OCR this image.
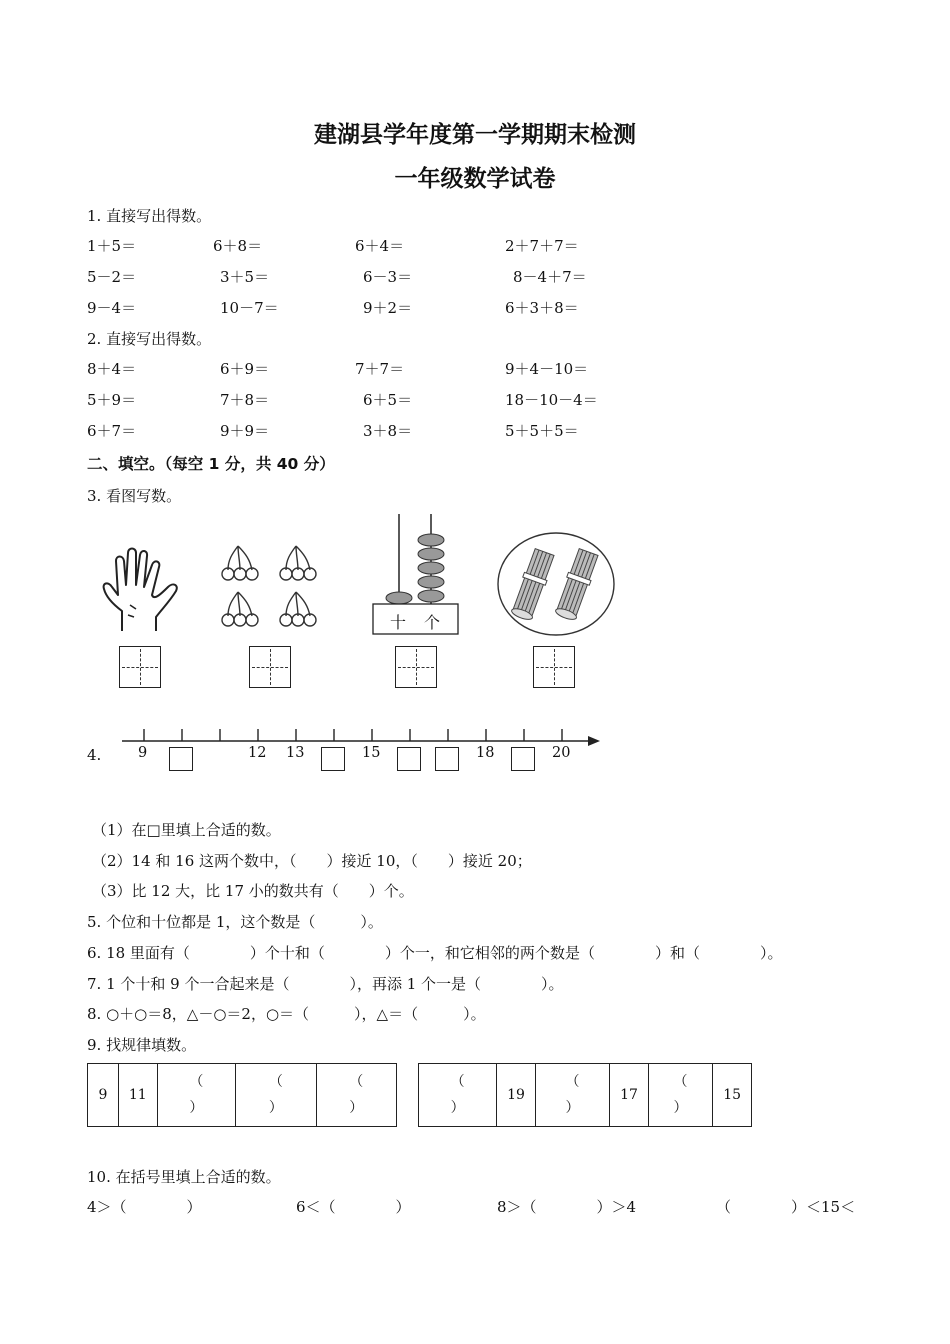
建湖县学年度第一学期期末检测
一年级数学试卷
1. 直接写出得数。
1＋5＝	6＋8＝	6＋4＝	2＋7＋7＝
5－2＝	3＋5＝	6－3＝	8－4＋7＝
9－4＝	10－7＝	9＋2＝	6＋3＋8＝
2. 直接写出得数。
8＋4＝	6＋9＝	7＋7＝	9＋4－10＝
5＋9＝	7＋8＝	6＋5＝	18－10－4＝
6＋7＝	9＋9＝	3＋8＝	5＋5＋5＝
二、填空。（每空 1 分，共 40 分）
3. 看图写数。
十 个
4.	9	12 13	15	18	20
（1）在□里填上合适的数。
（2）14 和 16 这两个数中，（　　）接近 10，（　　）接近 20；
（3）比 12 大，比 17 小的数共有（　　）个。
5. 个位和十位都是 1，这个数是（　　　）。
6. 18 里面有（　　　　）个十和（　　　　）个一，和它相邻的两个数是（　　　　）和（　　　　）。
7. 1 个十和 9 个一合起来是（　　　　），再添 1 个一是（　　　　）。
8. ○＋○＝8，△－○＝2，○＝（　　　），△＝（　　　）。
9. 找规律填数。
9	11	（
）	（
）	（
）
（
）	19	（
）	17	（
）	15
10. 在括号里填上合适的数。
4＞（　　　　）	6＜（　　　　）	8＞（　　　　）＞4	（　　　　）＜15＜
